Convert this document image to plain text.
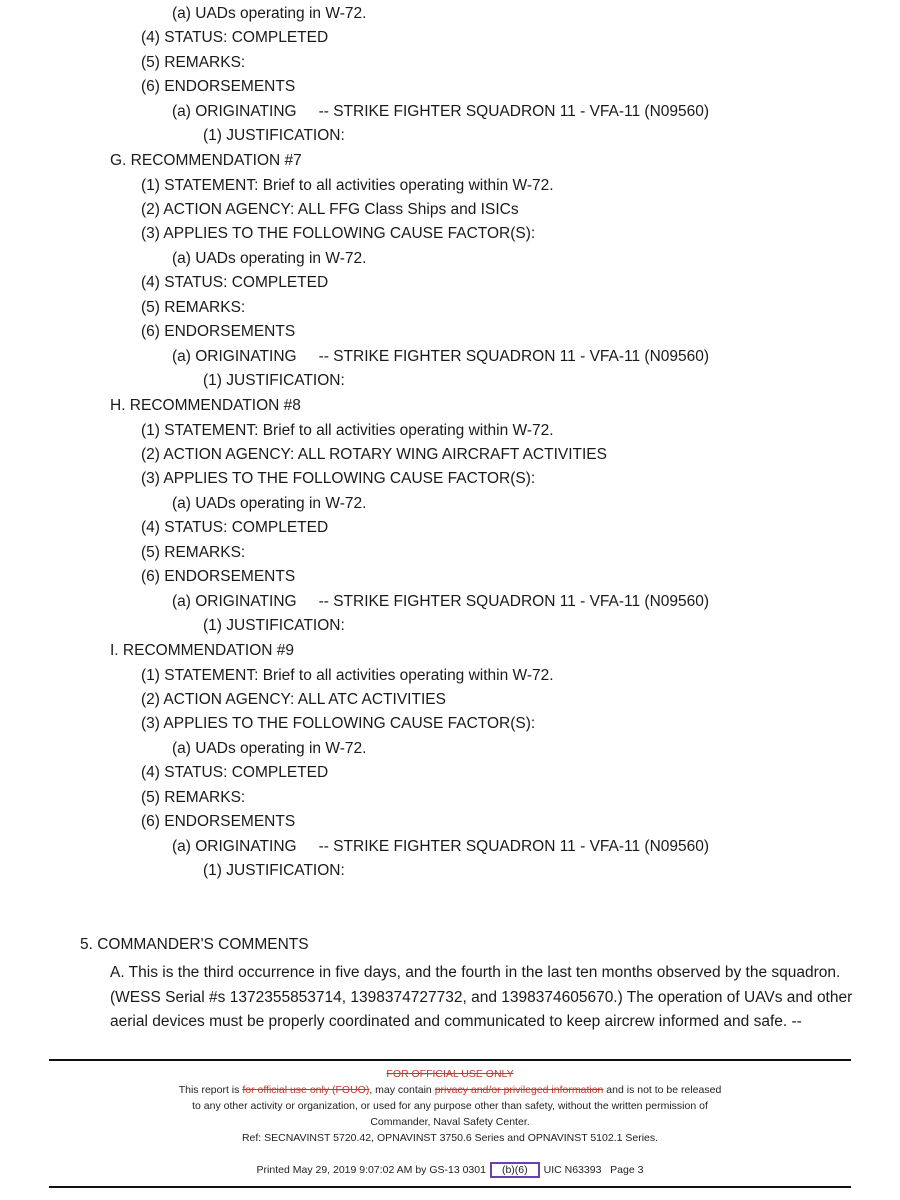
(a) UADs operating in W-72.
(4) STATUS: COMPLETED
(5) REMARKS:
(6) ENDORSEMENTS
(a) ORIGINATING -- STRIKE FIGHTER SQUADRON 11 - VFA-11 (N09560)
(1) JUSTIFICATION:
G. RECOMMENDATION #7
(1) STATEMENT: Brief to all activities operating within W-72.
(2) ACTION AGENCY: ALL FFG Class Ships and ISICs
(3) APPLIES TO THE FOLLOWING CAUSE FACTOR(S):
(a) UADs operating in W-72.
(4) STATUS: COMPLETED
(5) REMARKS:
(6) ENDORSEMENTS
(a) ORIGINATING -- STRIKE FIGHTER SQUADRON 11 - VFA-11 (N09560)
(1) JUSTIFICATION:
H. RECOMMENDATION #8
(1) STATEMENT: Brief to all activities operating within W-72.
(2) ACTION AGENCY: ALL ROTARY WING AIRCRAFT ACTIVITIES
(3) APPLIES TO THE FOLLOWING CAUSE FACTOR(S):
(a) UADs operating in W-72.
(4) STATUS: COMPLETED
(5) REMARKS:
(6) ENDORSEMENTS
(a) ORIGINATING -- STRIKE FIGHTER SQUADRON 11 - VFA-11 (N09560)
(1) JUSTIFICATION:
I. RECOMMENDATION #9
(1) STATEMENT: Brief to all activities operating within W-72.
(2) ACTION AGENCY: ALL ATC ACTIVITIES
(3) APPLIES TO THE FOLLOWING CAUSE FACTOR(S):
(a) UADs operating in W-72.
(4) STATUS: COMPLETED
(5) REMARKS:
(6) ENDORSEMENTS
(a) ORIGINATING -- STRIKE FIGHTER SQUADRON 11 - VFA-11 (N09560)
(1) JUSTIFICATION:
5. COMMANDER'S COMMENTS
A. This is the third occurrence in five days, and the fourth in the last ten months observed by the squadron. (WESS Serial #s 1372355853714, 1398374727732, and 1398374605670.) The operation of UAVs and other aerial devices must be properly coordinated and communicated to keep aircrew informed and safe. --
FOR OFFICIAL USE ONLY
This report is for official use only (FOUO), may contain privacy and/or privileged information and is not to be released
to any other activity or organization, or used for any purpose other than safety, without the written permission of
Commander, Naval Safety Center.
Ref: SECNAVINST 5720.42, OPNAVINST 3750.6 Series and OPNAVINST 5102.1 Series.
Printed May 29, 2019 9:07:02 AM by GS-13 0301 (b)(6) UIC N63393 Page 3
